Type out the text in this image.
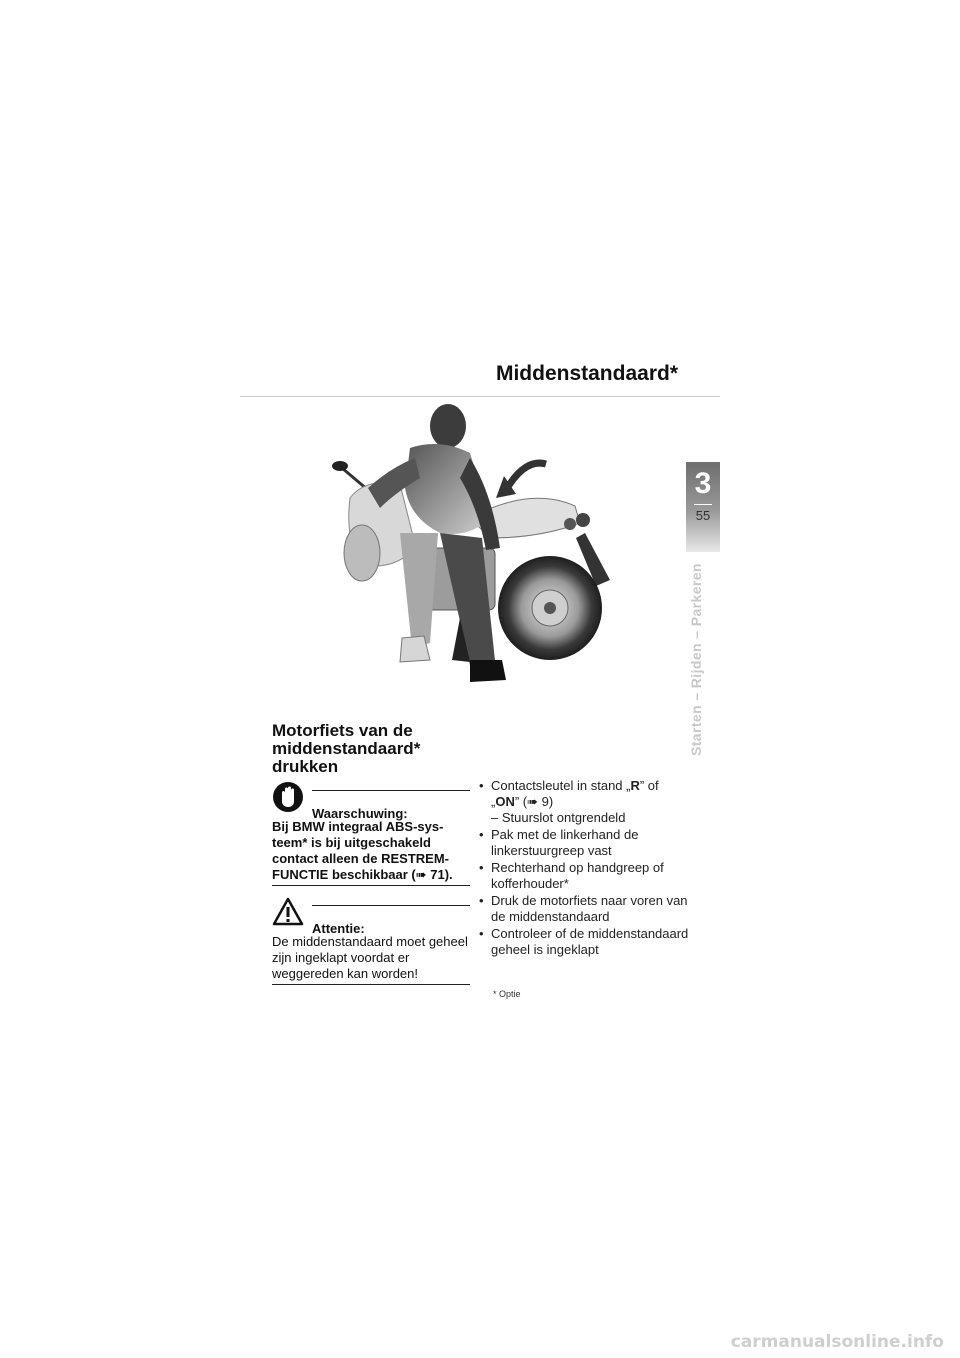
Middenstandaard*
3
55
Starten – Rijden – Parkeren
Motorfiets van de middenstandaard* drukken
Waarschuwing:
Bij BMW integraal ABS-systeem* is bij uitgeschakeld contact alleen de RESTREMFUNCTIE beschikbaar (➠ 71).
Attentie:
De middenstandaard moet geheel zijn ingeklapt voordat er weggereden kan worden!
• Contactsleutel in stand „R” of „ON” (➠ 9)
– Stuurslot ontgrendeld
• Pak met de linkerhand de linkerstuurgreep vast
• Rechterhand op handgreep of kofferhouder*
• Druk de motorfiets naar voren van de middenstandaard
• Controleer of de middenstandaard geheel is ingeklapt
* Optie
carmanualsonline.info
